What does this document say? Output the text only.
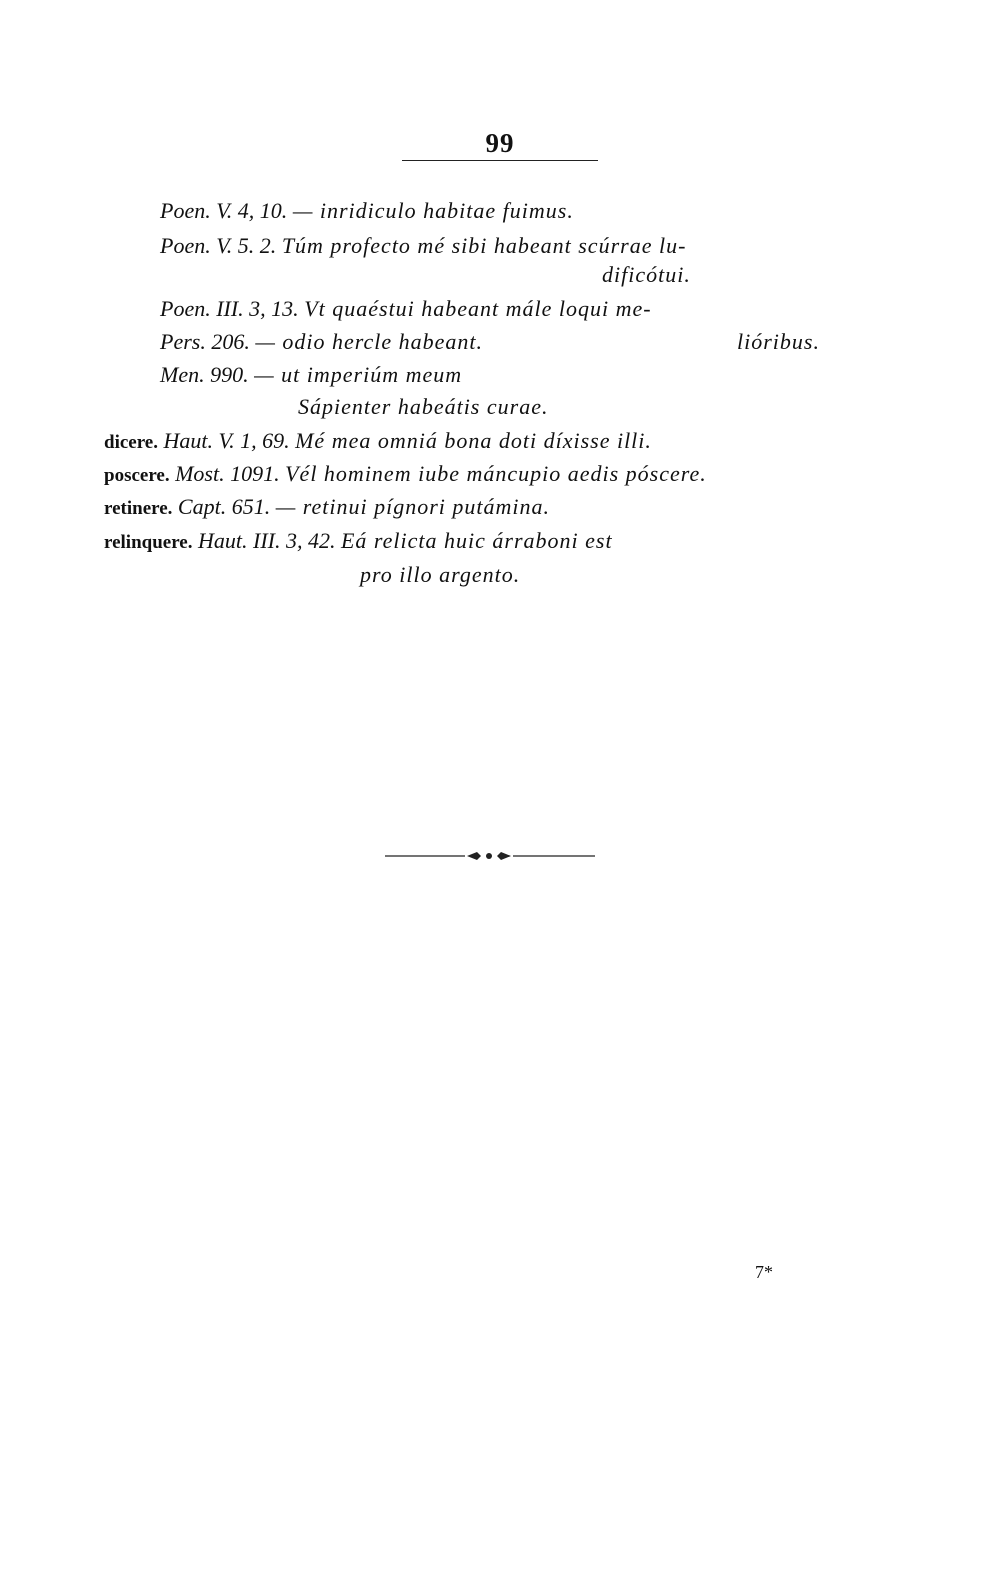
99
Poen. V. 4, 10. — inridiculo habitae fuimus.
Poen. V. 5. 2. Túm profecto mé sibi habeant scúrrae lu-
dificótui.
Poen. III. 3, 13. Vt quaéstui habeant mále loqui me-
Pers. 206. — odio hercle habeant.	lióribus.
Men. 990. — ut imperiúm meum
Sápienter habeátis curae.
dicere. Haut. V. 1, 69. Mé mea omniá bona doti díxisse illi.
poscere. Most. 1091. Vél hominem iube máncupio aedis póscere.
retinere. Capt. 651. — retinui pígnori putámina.
relinquere. Haut. III. 3, 42. Eá relicta huic árraboni est
pro illo argento.
7*
